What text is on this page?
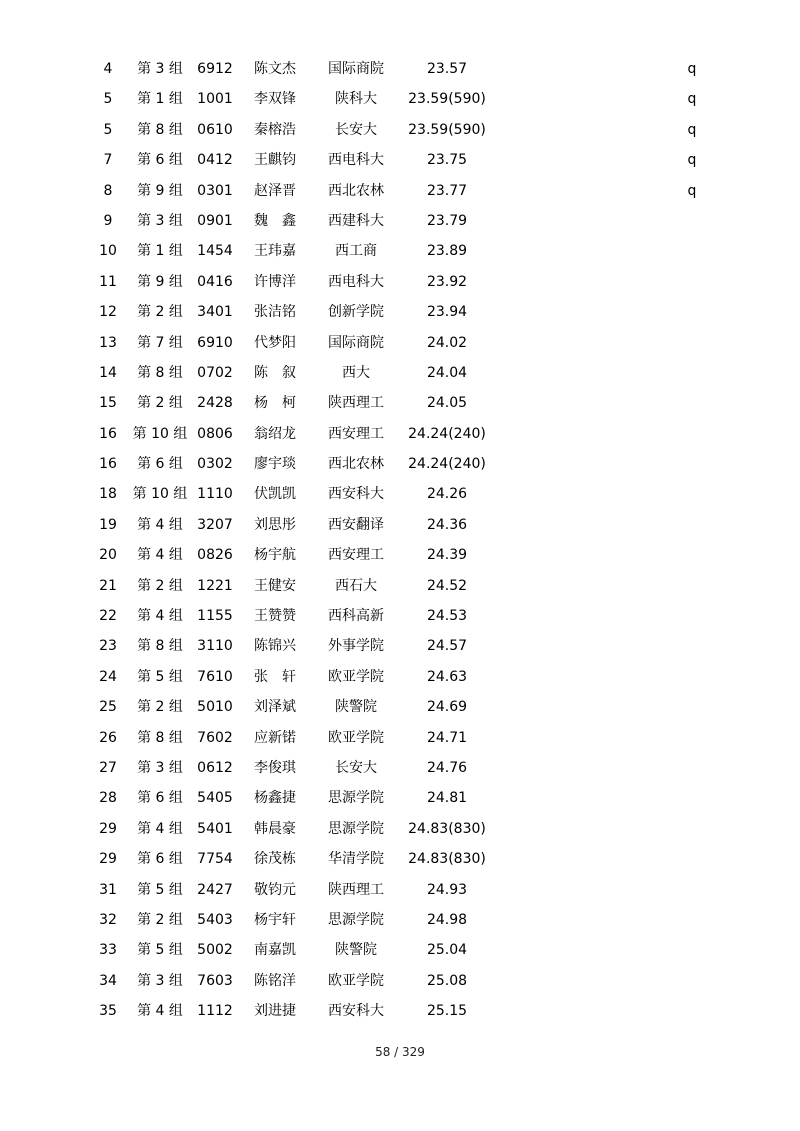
4	第 3 组	6912	陈文杰	国际商院	23.57	q
5	第 1 组	1001	李双锋	陕科大	23.59(590)	q
5	第 8 组	0610	秦榕浩	长安大	23.59(590)	q
7	第 6 组	0412	王麒钧	西电科大	23.75	q
8	第 9 组	0301	赵泽晋	西北农林	23.77	q
9	第 3 组	0901	魏　鑫	西建科大	23.79
10	第 1 组	1454	王玮嘉	西工商	23.89
11	第 9 组	0416	许博洋	西电科大	23.92
12	第 2 组	3401	张洁铭	创新学院	23.94
13	第 7 组	6910	代梦阳	国际商院	24.02
14	第 8 组	0702	陈　叙	西大	24.04
15	第 2 组	2428	杨　柯	陕西理工	24.05
16	第 10 组 0806	翁绍龙	西安理工	24.24(240)
16	第 6 组	0302	廖宇琰	西北农林	24.24(240)
18	第 10 组 1110	伏凯凯	西安科大	24.26
19	第 4 组	3207	刘思彤	西安翻译	24.36
20	第 4 组	0826	杨宇航	西安理工	24.39
21	第 2 组	1221	王健安	西石大	24.52
22	第 4 组	1155	王赞赞	西科高新	24.53
23	第 8 组	3110	陈锦兴	外事学院	24.57
24	第 5 组	7610	张　轩	欧亚学院	24.63
25	第 2 组	5010	刘泽斌	陕警院	24.69
26	第 8 组	7602	应新锘	欧亚学院	24.71
27	第 3 组	0612	李俊琪	长安大	24.76
28	第 6 组	5405	杨鑫捷	思源学院	24.81
29	第 4 组	5401	韩晨豪	思源学院	24.83(830)
29	第 6 组	7754	徐茂栋	华清学院	24.83(830)
31	第 5 组	2427	敬钧元	陕西理工	24.93
32	第 2 组	5403	杨宇轩	思源学院	24.98
33	第 5 组	5002	南嘉凯	陕警院	25.04
34	第 3 组	7603	陈铭洋	欧亚学院	25.08
35	第 4 组	1112	刘进捷	西安科大	25.15
58 / 329
